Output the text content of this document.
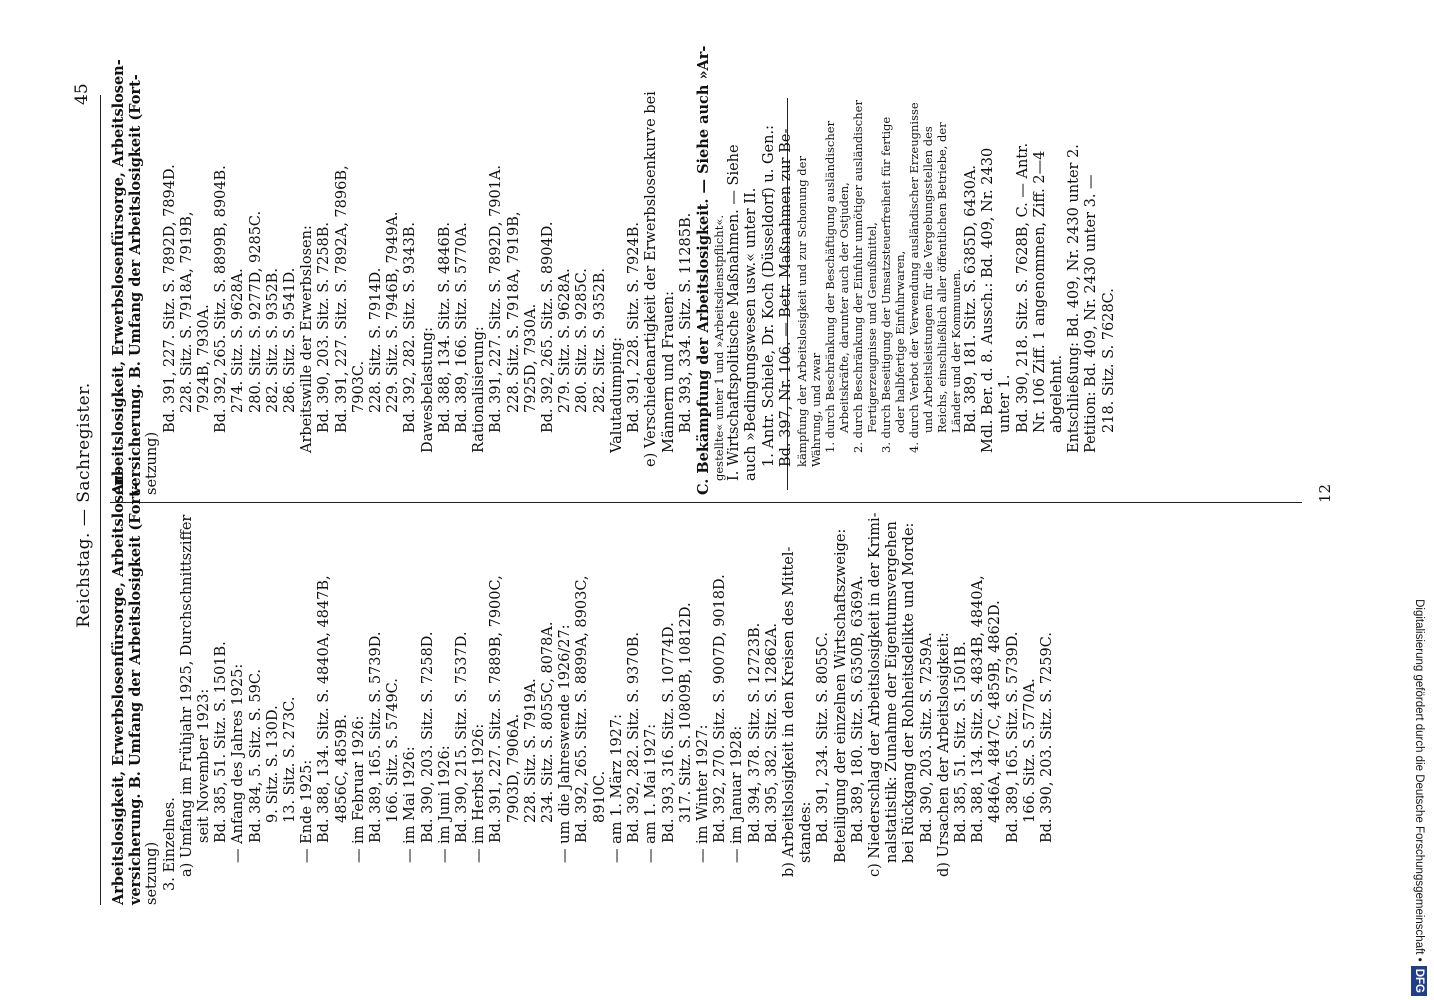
Reichstag. — Sachregister.
45
Arbeitslosigkeit, Erwerbslosenfürsorge, Arbeitslosen- versicherung. B. Umfang der Arbeitslosigkeit (Fort- setzung) 3. Einzelnes. a) Umfang im Frühjahr 1925, Durchschnittsziffer seit November 1923: Bd. 385, 51. Sitz. S. 1501B. — Anfang des Jahres 1925: Bd. 384, 5. Sitz. S. 59C. 9. Sitz. S. 130D. 13. Sitz. S. 273C. — Ende 1925: Bd. 388, 134. Sitz. S. 4840A, 4847B, 4856C, 4859B. — im Februar 1926: Bd. 389, 165. Sitz. S. 5739D. 166. Sitz. S. 5749C. — im Mai 1926: Bd. 390, 203. Sitz. S. 7258D. — im Juni 1926: Bd. 390, 215. Sitz. S. 7537D. — im Herbst 1926: Bd. 391, 227. Sitz. S. 7889B, 7900C, 7903D, 7906A. 228. Sitz. S. 7919A. 234. Sitz. S. 8055C, 8078A. — um die Jahreswende 1926/27: Bd. 392, 265. Sitz. S. 8899A, 8903C, 8910C. — am 1. März 1927: Bd. 392, 282. Sitz. S. 9370B. — am 1. Mai 1927: Bd. 393, 316. Sitz. S. 10774D. 317. Sitz. S. 10809B, 10812D. — im Winter 1927: Bd. 392, 270. Sitz. S. 9007D, 9018D. — im Januar 1928: Bd. 394, 378. Sitz. S. 12723B. Bd. 395, 382. Sitz. S. 12862A. b) Arbeitslosigkeit in den Kreisen des Mittel- standes: Bd. 391, 234. Sitz. S. 8055C. Beteiligung der einzelnen Wirtschaftszweige: Bd. 389, 180. Sitz. S. 6350B, 6369A. c) Niederschlag der Arbeitslosigkeit in der Krimi- nalstatistik: Zunahme der Eigentumsvergehen bei Rückgang der Rohheitsdelikte und Morde: Bd. 390, 203. Sitz. S. 7259A. d) Ursachen der Arbeitslosigkeit: Bd. 385, 51. Sitz. S. 1501B. Bd. 388, 134. Sitz. S. 4834B, 4840A, 4846A, 4847C, 4859B, 4862D. Bd. 389, 165. Sitz. S. 5739D. 166. Sitz. S. 5770A. Bd. 390, 203. Sitz. S. 7259C.
Arbeitslosigkeit, Erwerbslosenfürsorge, Arbeitslosen- versicherung. B. Umfang der Arbeitslosigkeit (Fort- setzung)
Bd. 391, 227. Sitz. S. 7892D, 7894D. 228. Sitz. S. 7918A, 7919B, 7924B, 7930A. Bd. 392, 265. Sitz. S. 8899B, 8904B. 274. Sitz. S. 9628A. 280. Sitz. S. 9277D, 9285C. 282. Sitz. S. 9352B. 286. Sitz. S. 9541D. Arbeitswille der Erwerbslosen: Bd. 390, 203. Sitz. S. 7258B. Bd. 391, 227. Sitz. S. 7892A, 7896B, 7903C. 228. Sitz. S. 7914D. 229. Sitz. S. 7946B, 7949A. Bd. 392, 282. Sitz. S. 9343B. Dawesbelastung: Bd. 388, 134. Sitz. S. 4846B. Bd. 389, 166. Sitz. S. 5770A. Rationalisierung: Bd. 391, 227. Sitz. S. 7892D, 7901A. 228. Sitz. S. 7918A, 7919B, 7925D, 7930A. Bd. 392, 265. Sitz. S. 8904D. 279. Sitz. S. 9628A. 280. Sitz. S. 9285C. 282. Sitz. S. 9352B. Valutadumping: Bd. 391, 228. Sitz. S. 7924B. e) Verschiedenartigkeit der Erwerbslosenkurve bei Männern und Frauen: Bd. 393, 334. Sitz. S. 11285B. C. Bekämpfung der Arbeitslosigkeit. — Siehe auch »Ar- gestellte« unter 1 und »Arbeitsdienstpflicht«. I. Wirtschaftspolitische Maßnahmen. — Siehe auch »Bedingungswesen usw.« unter II. 1. Antr. Schiele, Dr. Koch (Düsseldorf) u. Gen.: Bd. 397, Nr. 106. — Betr. Maßnahmen zur Be- kämpfung der Arbeitslosigkeit und zur Schonung der Währung, und zwar 1. durch Beschränkung der Beschäftigung ausländischer Arbeitskräfte, darunter auch der Ostjuden, 2. durch Beschränkung der Einfuhr unnötiger ausländischer Fertigerzeugnisse und Genußmittel, 3. durch Beseitigung der Umsatzsteuerfreiheit für fertige oder halbfertige Einfuhrwaren, 4. durch Verbot der Verwendung ausländischer Erzeugnisse und Arbeitsleistungen für die Vergebungsstellen des Reichs, einschließlich aller öffentlichen Betriebe, der Länder und der Kommunen. Bd. 389, 181. Sitz. S. 6385D, 6430A. Mdl. Ber. d. 8. Aussch.: Bd. 409, Nr. 2430 unter 1. Bd. 390, 218. Sitz. S. 7628B, C. — Antr. Nr. 106 Ziff. 1 angenommen, Ziff. 2—4 abgelehnt. Entschließung: Bd. 409, Nr. 2430 unter 2. Petition: Bd. 409, Nr. 2430 unter 3. — 218. Sitz. S. 7628C.
12
Digitalisierung gefördert durch die Deutsche Forschungsgemeinschaft •DFG
